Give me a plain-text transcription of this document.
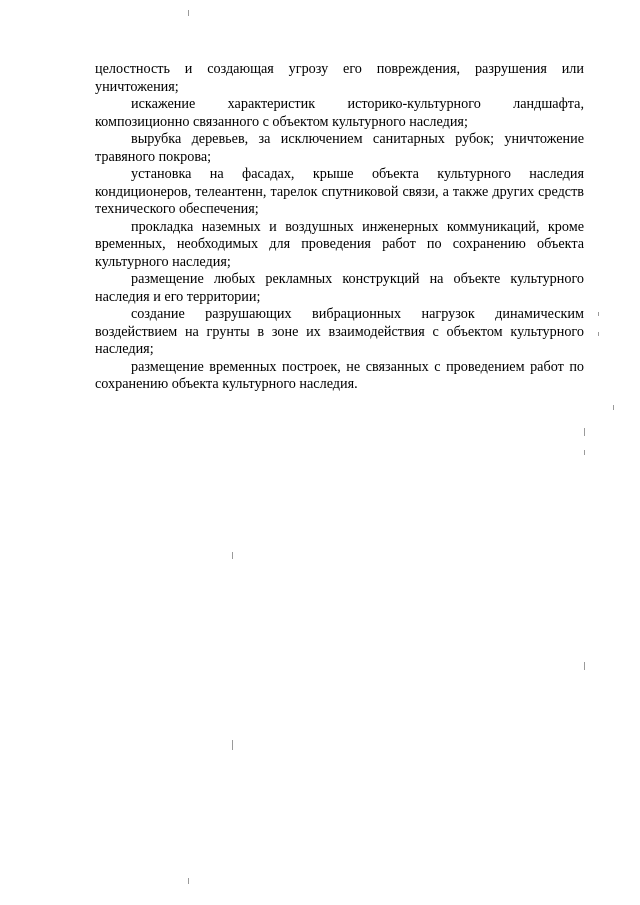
целостность и создающая угрозу его повреждения, разрушения или уничтожения;

искажение характеристик историко-культурного ландшафта, композиционно связанного с объектом культурного наследия;

вырубка деревьев, за исключением санитарных рубок; уничтожение травяного покрова;

установка на фасадах, крыше объекта культурного наследия кондиционеров, телеантенн, тарелок спутниковой связи, а также других средств технического обеспечения;

прокладка наземных и воздушных инженерных коммуникаций, кроме временных, необходимых для проведения работ по сохранению объекта культурного наследия;

размещение любых рекламных конструкций на объекте культурного наследия и его территории;

создание разрушающих вибрационных нагрузок динамическим воздействием на грунты в зоне их взаимодействия с объектом культурного наследия;

размещение временных построек, не связанных с проведением работ по сохранению объекта культурного наследия.
